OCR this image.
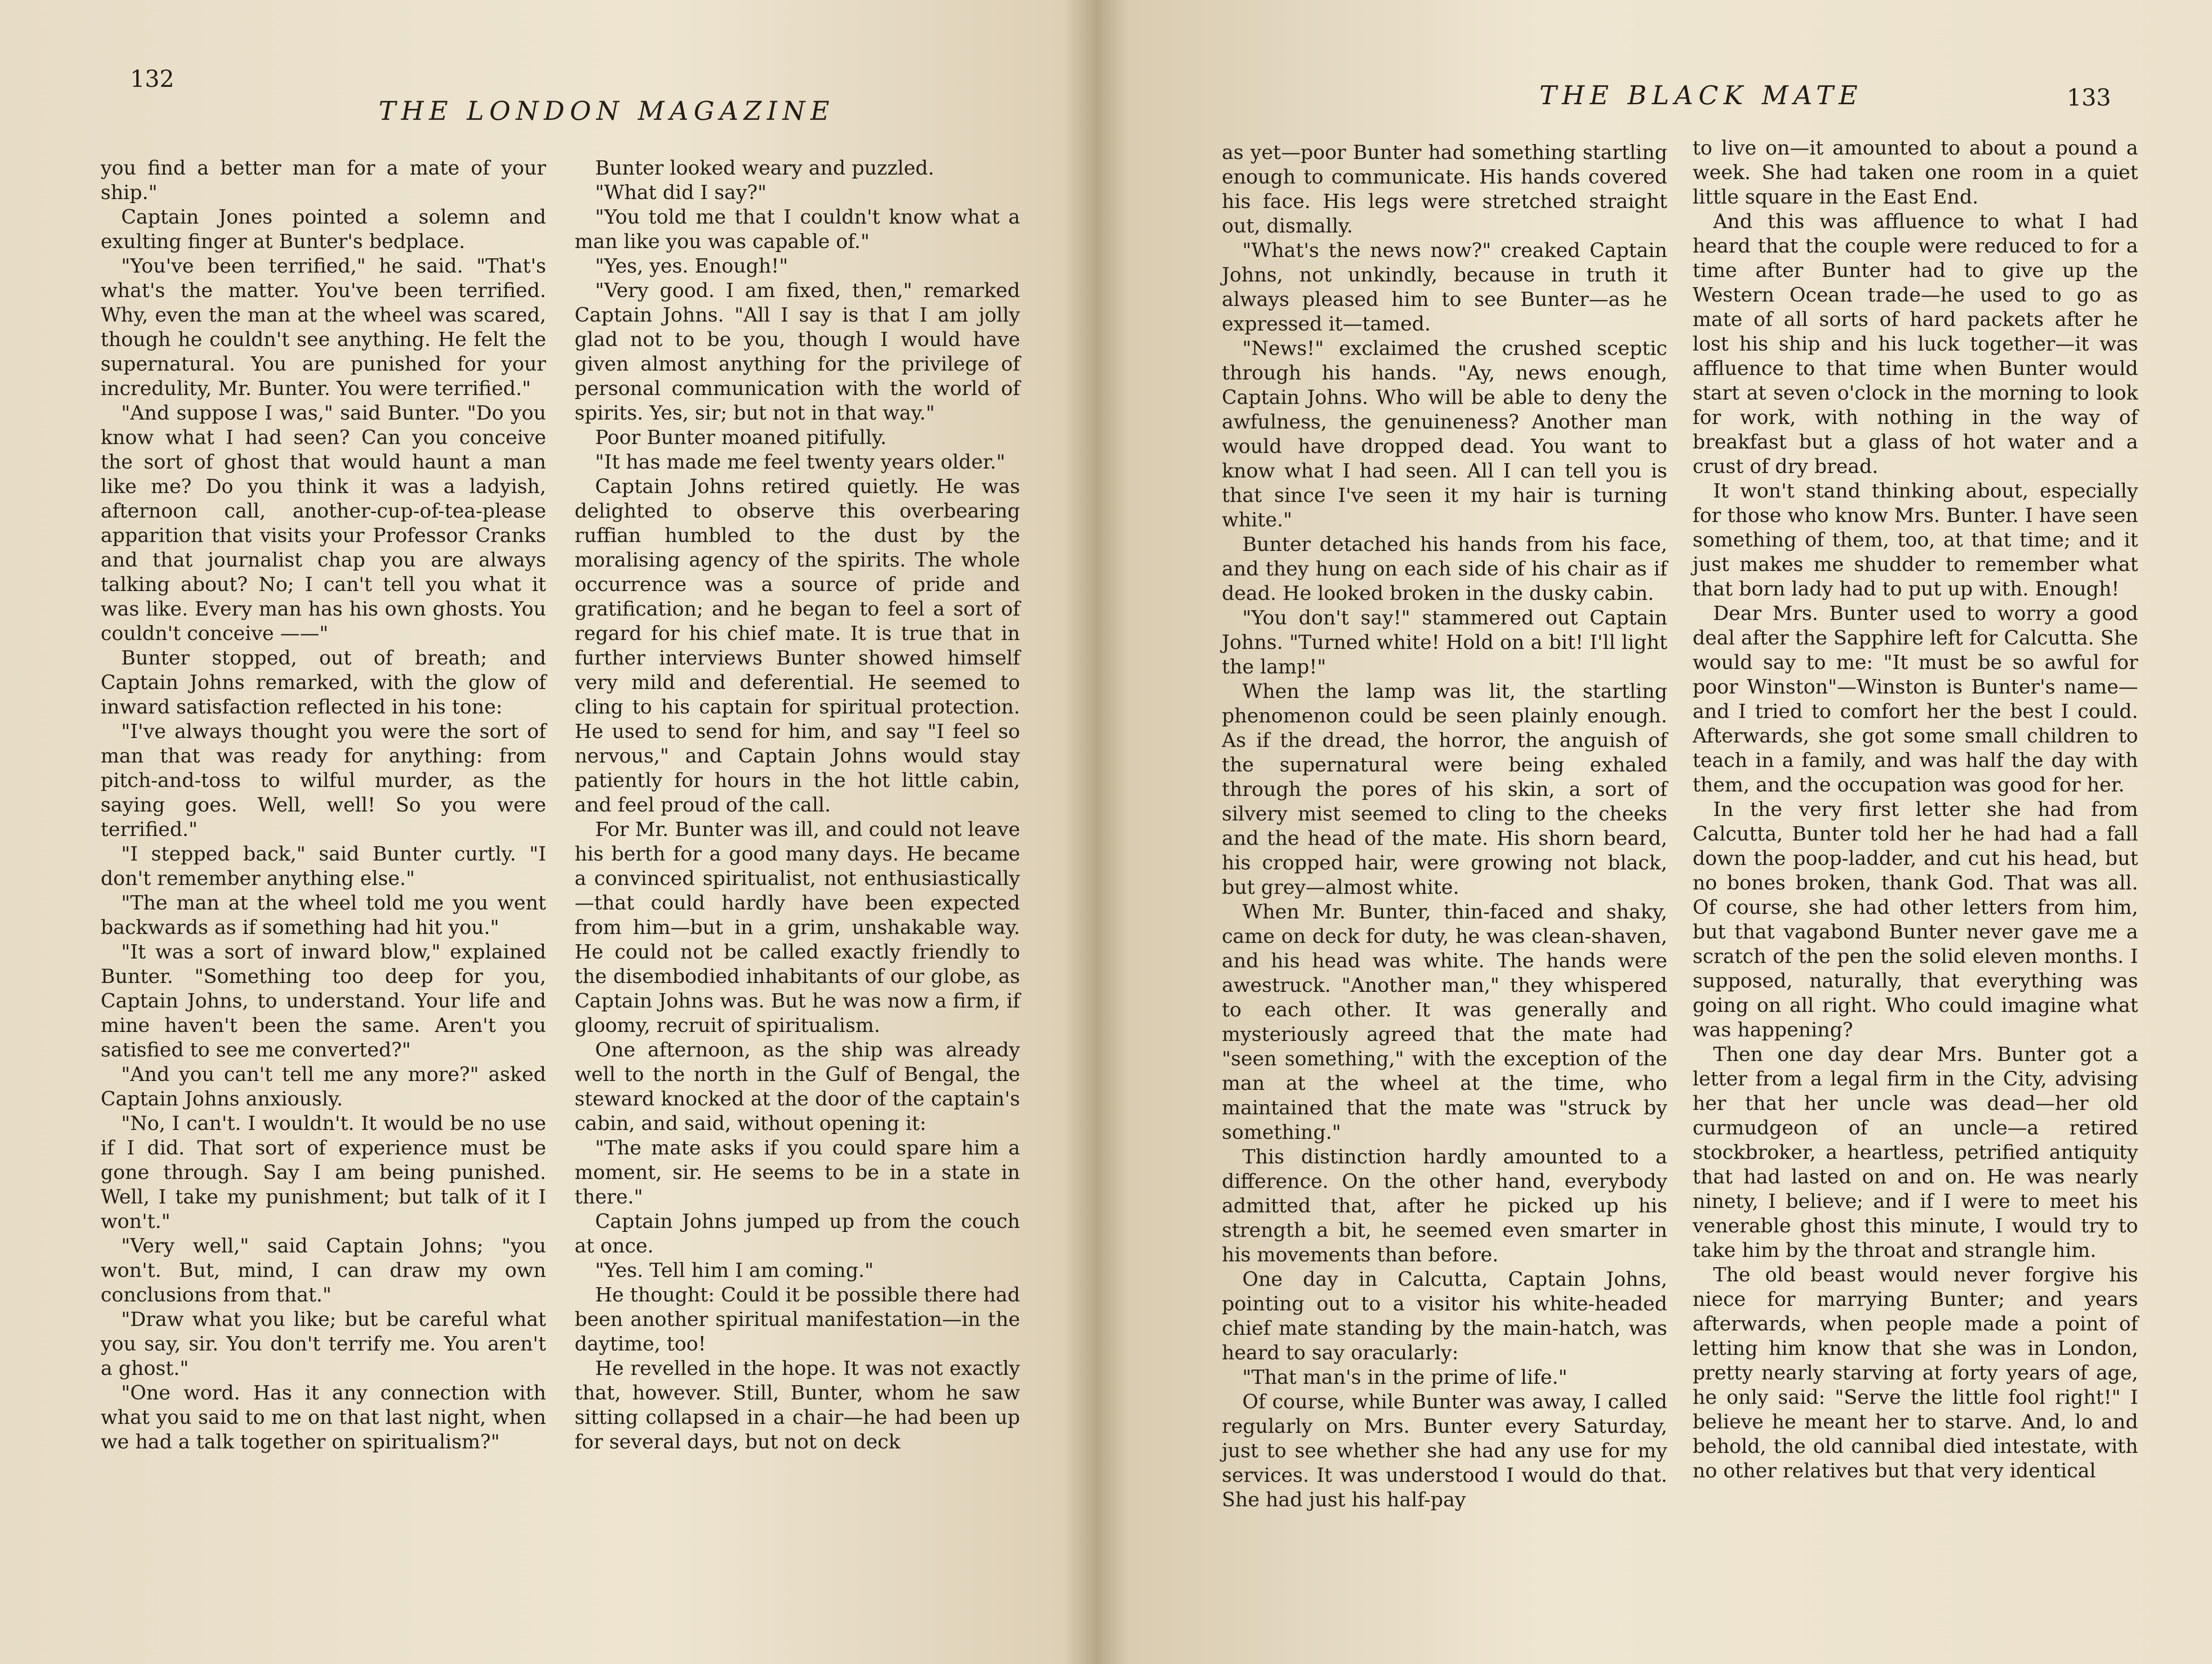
132
THE LONDON MAGAZINE

you find a better man for a mate of your ship."

Captain Jones pointed a solemn and exulting finger at Bunter's bedplace.

"You've been terrified," he said. "That's what's the matter. You've been terrified. Why, even the man at the wheel was scared, though he couldn't see anything. He felt the supernatural. You are punished for your incredulity, Mr. Bunter. You were terrified."

"And suppose I was," said Bunter. "Do you know what I had seen? Can you conceive the sort of ghost that would haunt a man like me? Do you think it was a ladyish, afternoon call, another-cup-of-tea-please apparition that visits your Professor Cranks and that journalist chap you are always talking about? No; I can't tell you what it was like. Every man has his own ghosts. You couldn't conceive ——"

Bunter stopped, out of breath; and Captain Johns remarked, with the glow of inward satisfaction reflected in his tone:

"I've always thought you were the sort of man that was ready for anything: from pitch-and-toss to wilful murder, as the saying goes. Well, well! So you were terrified."

"I stepped back," said Bunter curtly. "I don't remember anything else."

"The man at the wheel told me you went backwards as if something had hit you."

"It was a sort of inward blow," explained Bunter. "Something too deep for you, Captain Johns, to understand. Your life and mine haven't been the same. Aren't you satisfied to see me converted?"

"And you can't tell me any more?" asked Captain Johns anxiously.

"No, I can't. I wouldn't. It would be no use if I did. That sort of experience must be gone through. Say I am being punished. Well, I take my punishment; but talk of it I won't."

"Very well," said Captain Johns; "you won't. But, mind, I can draw my own conclusions from that."

"Draw what you like; but be careful what you say, sir. You don't terrify me. You aren't a ghost."

"One word. Has it any connection with what you said to me on that last night, when we had a talk together on spiritualism?"

Bunter looked weary and puzzled.

"What did I say?"

"You told me that I couldn't know what a man like you was capable of."

"Yes, yes. Enough!"

"Very good. I am fixed, then," remarked Captain Johns. "All I say is that I am jolly glad not to be you, though I would have given almost anything for the privilege of personal communication with the world of spirits. Yes, sir; but not in that way."

Poor Bunter moaned pitifully.

"It has made me feel twenty years older."

Captain Johns retired quietly. He was delighted to observe this overbearing ruffian humbled to the dust by the moralising agency of the spirits. The whole occurrence was a source of pride and gratification; and he began to feel a sort of regard for his chief mate. It is true that in further interviews Bunter showed himself very mild and deferential. He seemed to cling to his captain for spiritual protection. He used to send for him, and say "I feel so nervous," and Captain Johns would stay patiently for hours in the hot little cabin, and feel proud of the call.

For Mr. Bunter was ill, and could not leave his berth for a good many days. He became a convinced spiritualist, not enthusiastically—that could hardly have been expected from him—but in a grim, unshakable way. He could not be called exactly friendly to the disembodied inhabitants of our globe, as Captain Johns was. But he was now a firm, if gloomy, recruit of spiritualism.

One afternoon, as the ship was already well to the north in the Gulf of Bengal, the steward knocked at the door of the captain's cabin, and said, without opening it:

"The mate asks if you could spare him a moment, sir. He seems to be in a state in there."

Captain Johns jumped up from the couch at once.

"Yes. Tell him I am coming."

He thought: Could it be possible there had been another spiritual manifestation—in the daytime, too!

He revelled in the hope. It was not exactly that, however. Still, Bunter, whom he saw sitting collapsed in a chair—he had been up for several days, but not on deck

THE BLACK MATE	133

as yet—poor Bunter had something startling enough to communicate. His hands covered his face. His legs were stretched straight out, dismally.

"What's the news now?" creaked Captain Johns, not unkindly, because in truth it always pleased him to see Bunter—as he expressed it—tamed.

"News!" exclaimed the crushed sceptic through his hands. "Ay, news enough, Captain Johns. Who will be able to deny the awfulness, the genuineness? Another man would have dropped dead. You want to know what I had seen. All I can tell you is that since I've seen it my hair is turning white."

Bunter detached his hands from his face, and they hung on each side of his chair as if dead. He looked broken in the dusky cabin.

"You don't say!" stammered out Captain Johns. "Turned white! Hold on a bit! I'll light the lamp!"

When the lamp was lit, the startling phenomenon could be seen plainly enough. As if the dread, the horror, the anguish of the supernatural were being exhaled through the pores of his skin, a sort of silvery mist seemed to cling to the cheeks and the head of the mate. His shorn beard, his cropped hair, were growing not black, but grey—almost white.

When Mr. Bunter, thin-faced and shaky, came on deck for duty, he was clean-shaven, and his head was white. The hands were awestruck. "Another man," they whispered to each other. It was generally and mysteriously agreed that the mate had "seen something," with the exception of the man at the wheel at the time, who maintained that the mate was "struck by something."

This distinction hardly amounted to a difference. On the other hand, everybody admitted that, after he picked up his strength a bit, he seemed even smarter in his movements than before.

One day in Calcutta, Captain Johns, pointing out to a visitor his white-headed chief mate standing by the main-hatch, was heard to say oracularly:

"That man's in the prime of life."

Of course, while Bunter was away, I called regularly on Mrs. Bunter every Saturday, just to see whether she had any use for my services. It was understood I would do that. She had just his half-pay

to live on—it amounted to about a pound a week. She had taken one room in a quiet little square in the East End.

And this was affluence to what I had heard that the couple were reduced to for a time after Bunter had to give up the Western Ocean trade—he used to go as mate of all sorts of hard packets after he lost his ship and his luck together—it was affluence to that time when Bunter would start at seven o'clock in the morning to look for work, with nothing in the way of breakfast but a glass of hot water and a crust of dry bread.

It won't stand thinking about, especially for those who know Mrs. Bunter. I have seen something of them, too, at that time; and it just makes me shudder to remember what that born lady had to put up with. Enough!

Dear Mrs. Bunter used to worry a good deal after the Sapphire left for Calcutta. She would say to me: "It must be so awful for poor Winston"—Winston is Bunter's name—and I tried to comfort her the best I could. Afterwards, she got some small children to teach in a family, and was half the day with them, and the occupation was good for her.

In the very first letter she had from Calcutta, Bunter told her he had had a fall down the poop-ladder, and cut his head, but no bones broken, thank God. That was all. Of course, she had other letters from him, but that vagabond Bunter never gave me a scratch of the pen the solid eleven months. I supposed, naturally, that everything was going on all right. Who could imagine what was happening?

Then one day dear Mrs. Bunter got a letter from a legal firm in the City, advising her that her uncle was dead—her old curmudgeon of an uncle—a retired stockbroker, a heartless, petrified antiquity that had lasted on and on. He was nearly ninety, I believe; and if I were to meet his venerable ghost this minute, I would try to take him by the throat and strangle him.

The old beast would never forgive his niece for marrying Bunter; and years afterwards, when people made a point of letting him know that she was in London, pretty nearly starving at forty years of age, he only said: "Serve the little fool right!" I believe he meant her to starve. And, lo and behold, the old cannibal died intestate, with no other relatives but that very identical
